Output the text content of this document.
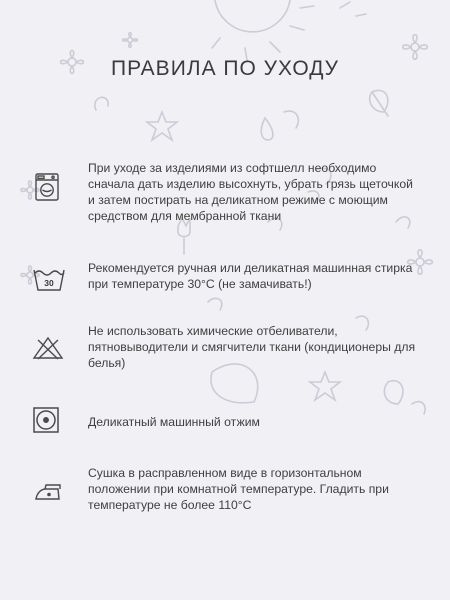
ПРАВИЛА ПО УХОДУ

При уходе за изделиями из софтшелл необходимо сначала дать изделию высохнуть, убрать грязь щеточкой и затем постирать на деликатном режиме с моющим средством для мембранной ткани

30

Рекомендуется ручная или деликатная машинная стирка при температуре 30°С (не замачивать!)

Не использовать химические отбеливатели, пятновыводители и смягчители ткани (кондиционеры для белья)

Деликатный машинный отжим

Сушка в расправленном виде в горизонтальном положении при комнатной температуре. Гладить при температуре не более 110°С
